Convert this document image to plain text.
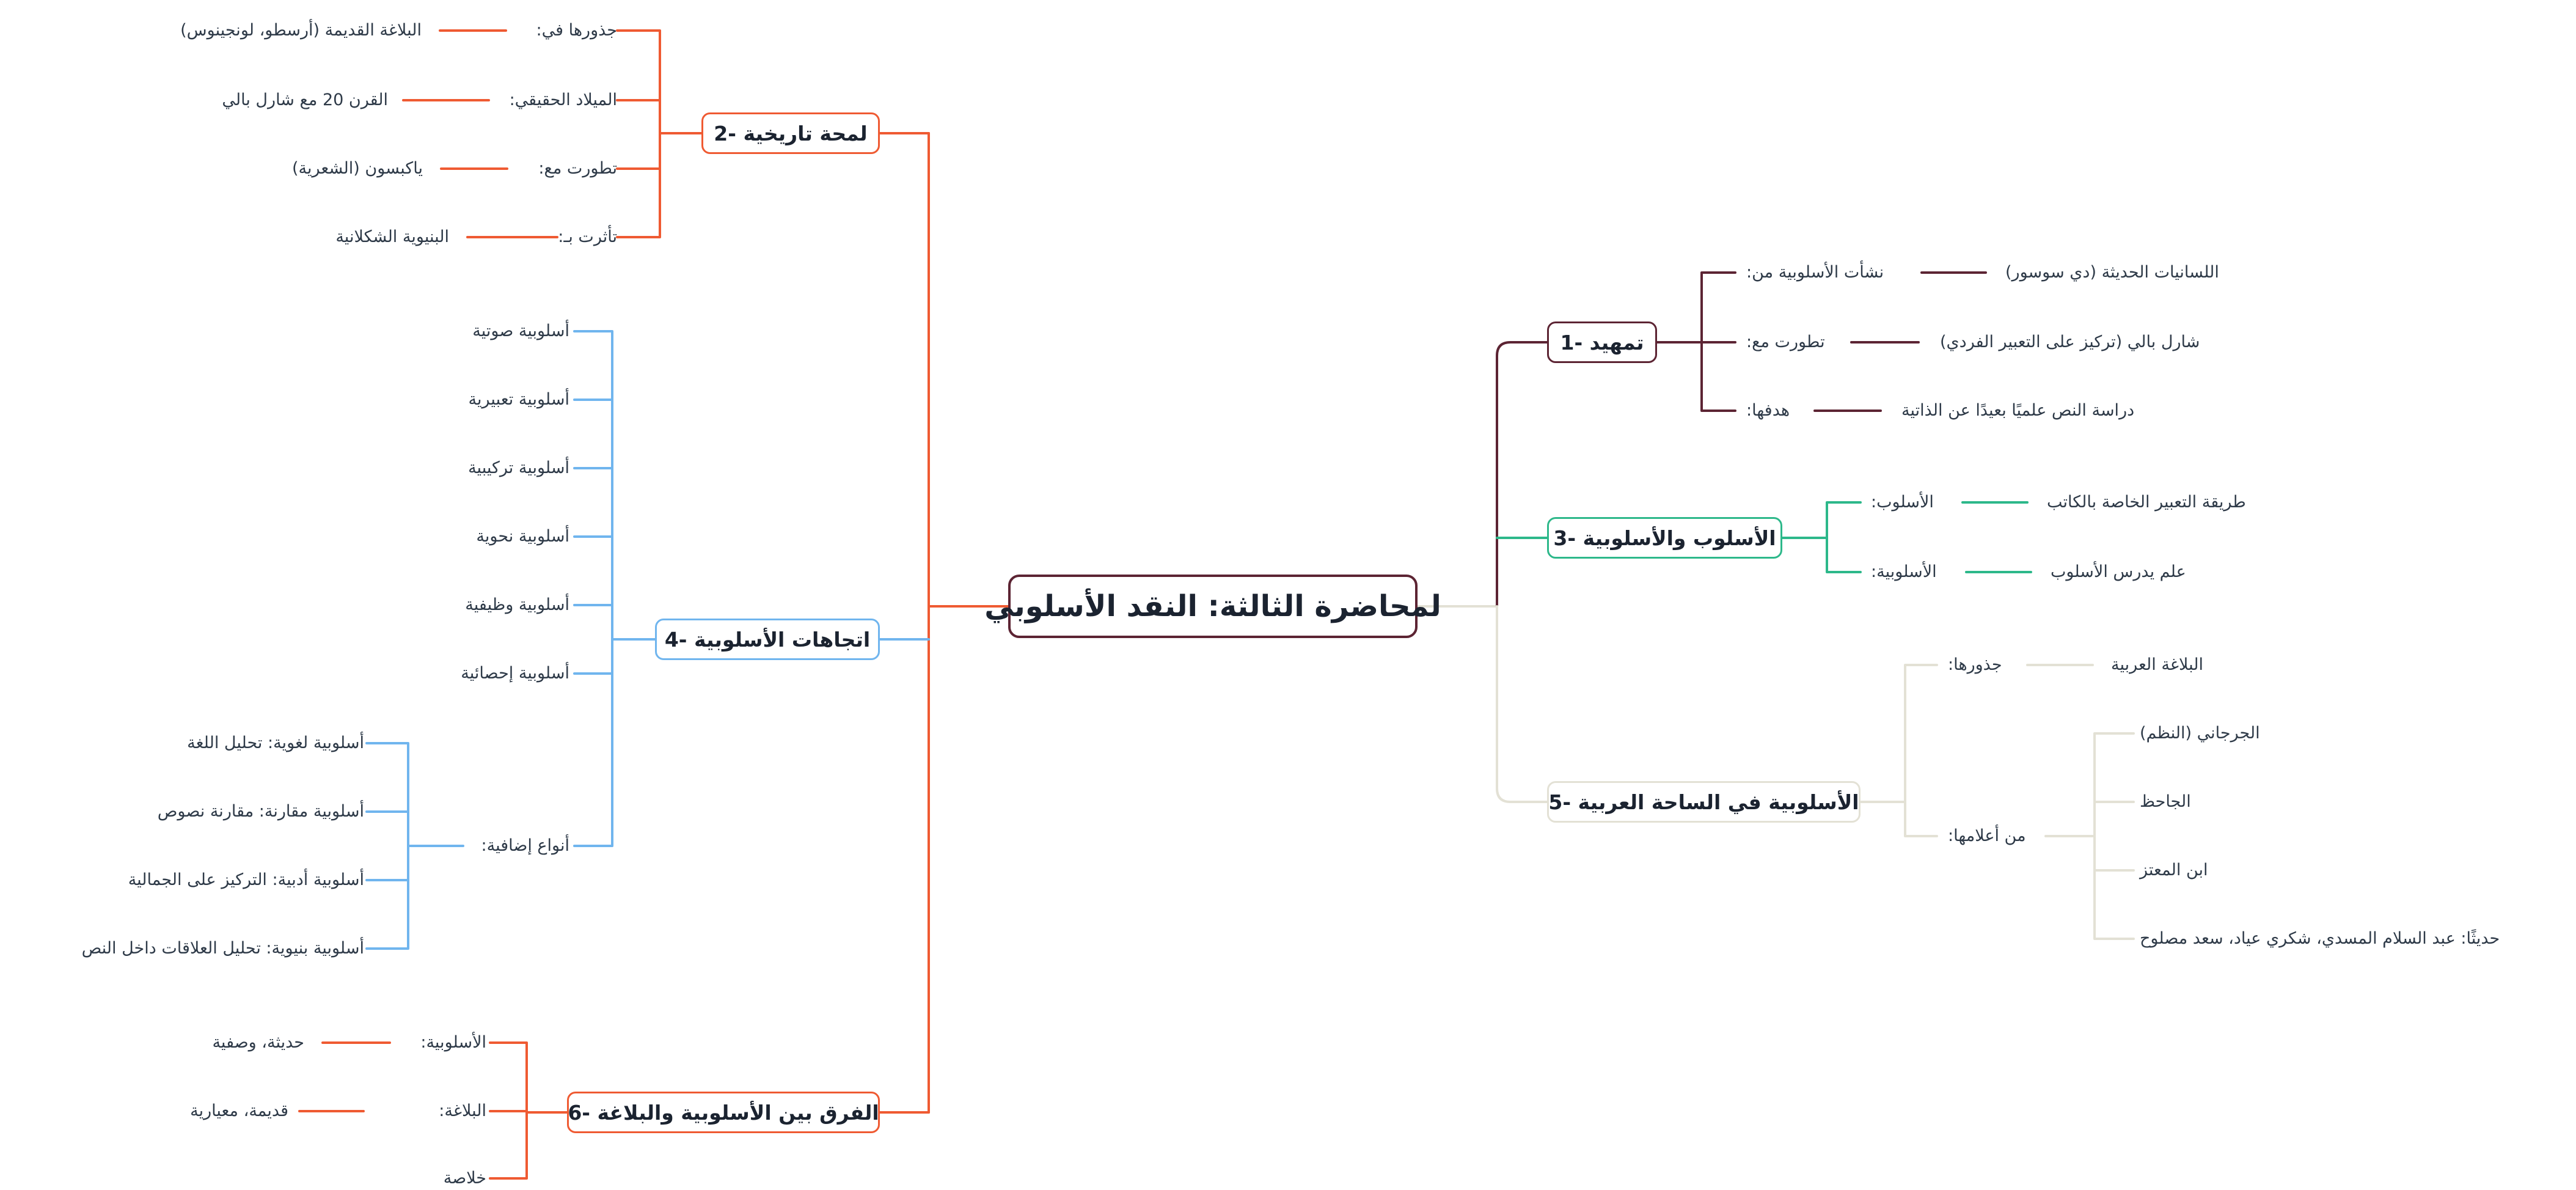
لمحاضرة الثالثة: النقد الأسلوبي
تمهيد -1
:نشأت الأسلوبية من	اللسانيات الحديثة (دي سوسور)
:تطورت مع	شارل بالي (تركيز على التعبير الفردي)
:هدفها	دراسة النص علميًا بعيدًا عن الذاتية
الأسلوب والأسلوبية -3
:الأسلوب	طريقة التعبير الخاصة بالكاتب
:الأسلوبية	علم يدرس الأسلوب
الأسلوبية في الساحة العربية -5
:جذورها	البلاغة العربية
:من أعلامها
الجرجاني (النظم)
الجاحظ
ابن المعتز
حديثًا: عبد السلام المسدي، شكري عياد، سعد مصلوح
لمحة تاريخية -2
:جذورها في
البلاغة القديمة (أرسطو، لونجينوس)
:الميلاد الحقيقي
القرن 20 مع شارل بالي
:تطورت مع
ياكبسون (الشعرية)
:تأثرت بـ
البنيوية الشكلانية
اتجاهات الأسلوبية -4
أسلوبية صوتية
أسلوبية تعبيرية
أسلوبية تركيبية
أسلوبية نحوية
أسلوبية وظيفية
أسلوبية إحصائية
:أنواع إضافية
أسلوبية لغوية: تحليل اللغة
أسلوبية مقارنة: مقارنة نصوص
أسلوبية أدبية: التركيز على الجمالية
أسلوبية بنيوية: تحليل العلاقات داخل النص
الفرق بين الأسلوبية والبلاغة -6
:الأسلوبية
حديثة، وصفية
:البلاغة
قديمة، معيارية
خلاصة
